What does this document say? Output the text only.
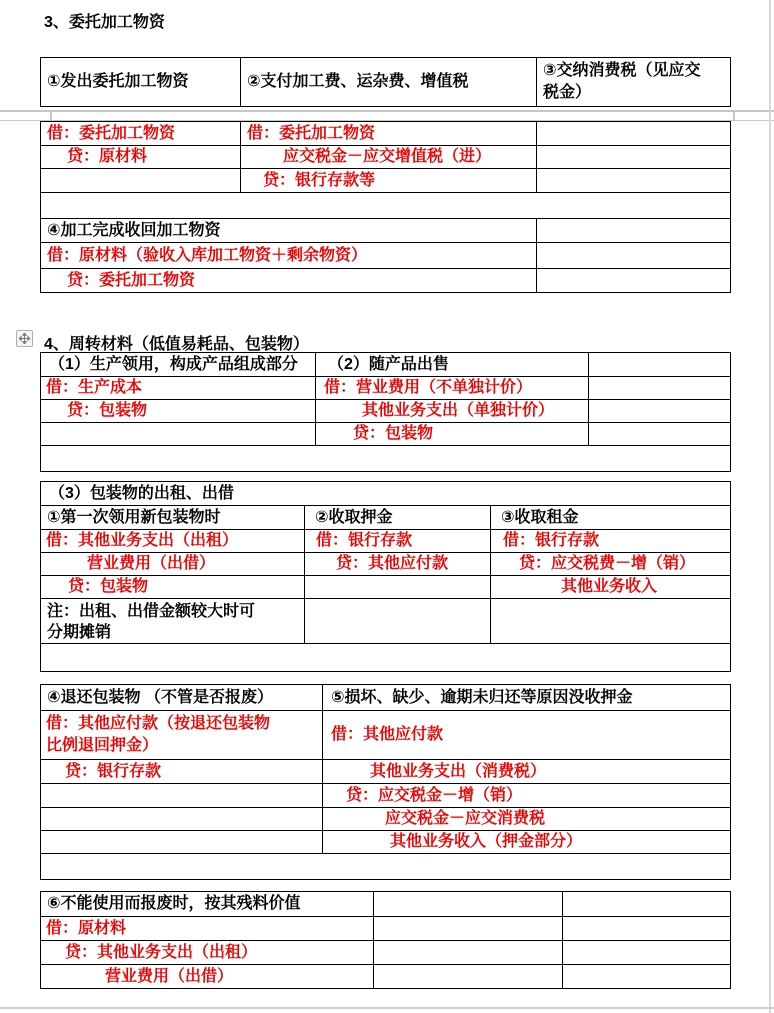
3、委托加工物资
①发出委托加工物资	②支付加工费、运杂费、增值税	③交纳消费税（见应交税金）
借：委托加工物资	借：委托加工物资	
贷：原材料	应交税金－应交增值税（进）	
	贷：银行存款等	

④加工完成收回加工物资		
借：原材料（验收入库加工物资＋剩余物资）		
贷：委托加工物资		
4、周转材料（低值易耗品、包装物）
（1）生产领用，构成产品组成部分	（2）随产品出售	
借：生产成本	借：营业费用（不单独计价）	
贷：包装物	其他业务支出（单独计价）	
	贷：包装物	

（3）包装物的出租、出借		
①第一次领用新包装物时	②收取押金	③收取租金
借：其他业务支出（出租）	借：银行存款	借：银行存款
营业费用（出借）	贷：其他应付款	贷：应交税费－增（销）
贷：包装物		其他业务收入
注：出租、出借金额较大时可分期摊销		

④退还包装物 （不管是否报废）	⑤损坏、缺少、逾期未归还等原因没收押金
借：其他应付款（按退还包装物比例退回押金）	借：其他应付款
贷：银行存款	其他业务支出（消费税）
	贷：应交税金－增（销）
	应交税金－应交消费税
	其他业务收入（押金部分）

⑥不能使用而报废时，按其残料价值		
借：原材料		
贷：其他业务支出（出租）		
营业费用（出借）		
